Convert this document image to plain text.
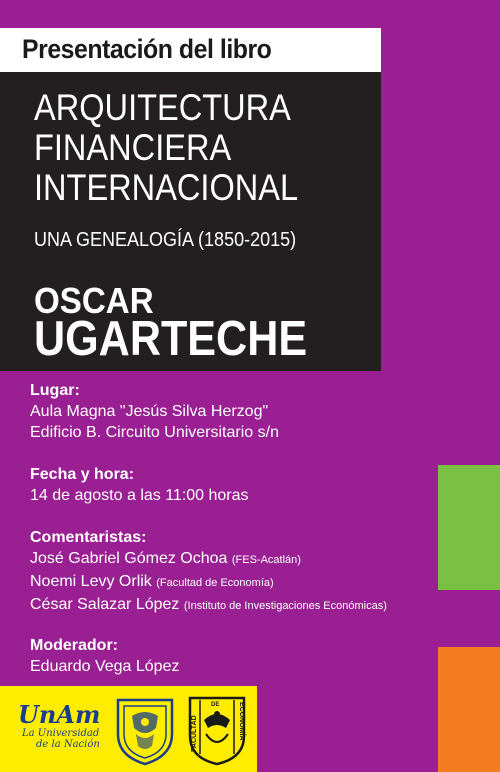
Presentación del libro
ARQUITECTURA
FINANCIERA
INTERNACIONAL
UNA GENEALOGÍA (1850-2015)
OSCAR
UGARTECHE
Lugar:
Aula Magna "Jesús Silva Herzog"
Edificio B. Circuito Universitario s/n
Fecha y hora:
14 de agosto a las 11:00 horas
Comentaristas:
José Gabriel Gómez Ochoa (FES-Acatlán)
Noemi Levy Orlik (Facultad de Economía)
César Salazar López (Instituto de Investigaciones Económicas)
Moderador:
Eduardo Vega López
UnAm
La Universidad
de la Nación	FACULTAD
DE	ECONOMÍA
